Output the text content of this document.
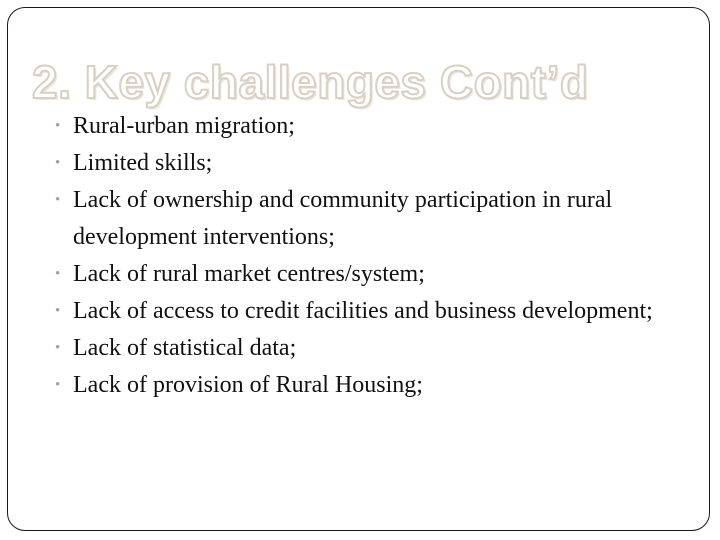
2. Key challenges Cont’d
• Rural-urban migration;
• Limited skills;
• Lack of ownership and community participation in rural development interventions;
• Lack of rural market centres/system;
• Lack of access to credit facilities and business development;
• Lack of statistical data;
• Lack of provision of Rural Housing;
